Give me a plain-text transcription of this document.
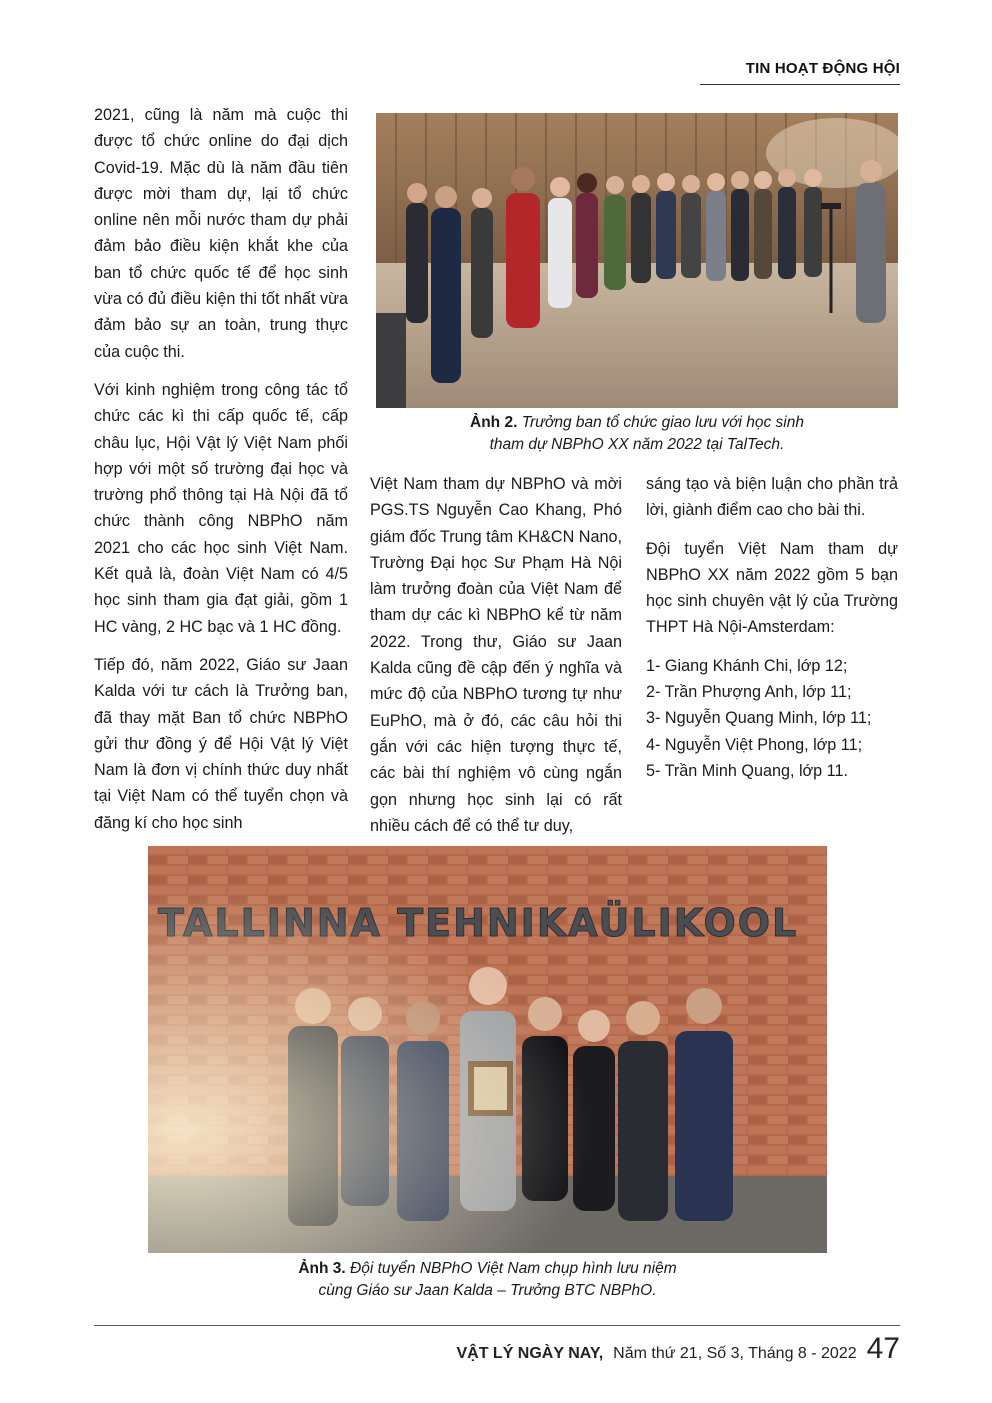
TIN HOẠT ĐỘNG HỘI

2021, cũng là năm mà cuộc thi được tổ chức online do đại dịch Covid-19. Mặc dù là năm đầu tiên được mời tham dự, lại tổ chức online nên mỗi nước tham dự phải đảm bảo điều kiện khắt khe của ban tổ chức quốc tế để học sinh vừa có đủ điều kiện thi tốt nhất vừa đảm bảo sự an toàn, trung thực của cuộc thi.

Với kinh nghiệm trong công tác tổ chức các kì thi cấp quốc tế, cấp châu lục, Hội Vật lý Việt Nam phối hợp với một số trường đại học và trường phổ thông tại Hà Nội đã tổ chức thành công NBPhO năm 2021 cho các học sinh Việt Nam. Kết quả là, đoàn Việt Nam có 4/5 học sinh tham gia đạt giải, gồm 1 HC vàng, 2 HC bạc và 1 HC đồng.

Tiếp đó, năm 2022, Giáo sư Jaan Kalda với tư cách là Trưởng ban, đã thay mặt Ban tổ chức NBPhO gửi thư đồng ý để Hội Vật lý Việt Nam là đơn vị chính thức duy nhất tại Việt Nam có thể tuyển chọn và đăng kí cho học sinh

Ảnh 2. Trưởng ban tổ chức giao lưu với học sinh
tham dự NBPhO XX năm 2022 tại TalTech.

Việt Nam tham dự NBPhO và mời PGS.TS Nguyễn Cao Khang, Phó giám đốc Trung tâm KH&CN Nano, Trường Đại học Sư Phạm Hà Nội làm trưởng đoàn của Việt Nam để tham dự các kì NBPhO kể từ năm 2022. Trong thư, Giáo sư Jaan Kalda cũng đề cập đến ý nghĩa và mức độ của NBPhO tương tự như EuPhO, mà ở đó, các câu hỏi thi gắn với các hiện tượng thực tế, các bài thí nghiệm vô cùng ngắn gọn nhưng học sinh lại có rất nhiều cách để có thể tư duy,

sáng tạo và biện luận cho phần trả lời, giành điểm cao cho bài thi.

Đội tuyển Việt Nam tham dự NBPhO XX năm 2022 gồm 5 bạn học sinh chuyên vật lý của Trường THPT Hà Nội-Amsterdam:

1- Giang Khánh Chi, lớp 12;
2- Trần Phượng Anh, lớp 11;
3- Nguyễn Quang Minh, lớp 11;
4- Nguyễn Việt Phong, lớp 11;
5- Trần Minh Quang, lớp 11.
Ảnh 3. Đội tuyển NBPhO Việt Nam chụp hình lưu niệm
cùng Giáo sư Jaan Kalda – Trưởng BTC NBPhO.
VẬT LÝ NGÀY NAY, Năm thứ 21, Số 3, Tháng 8 - 2022 47
